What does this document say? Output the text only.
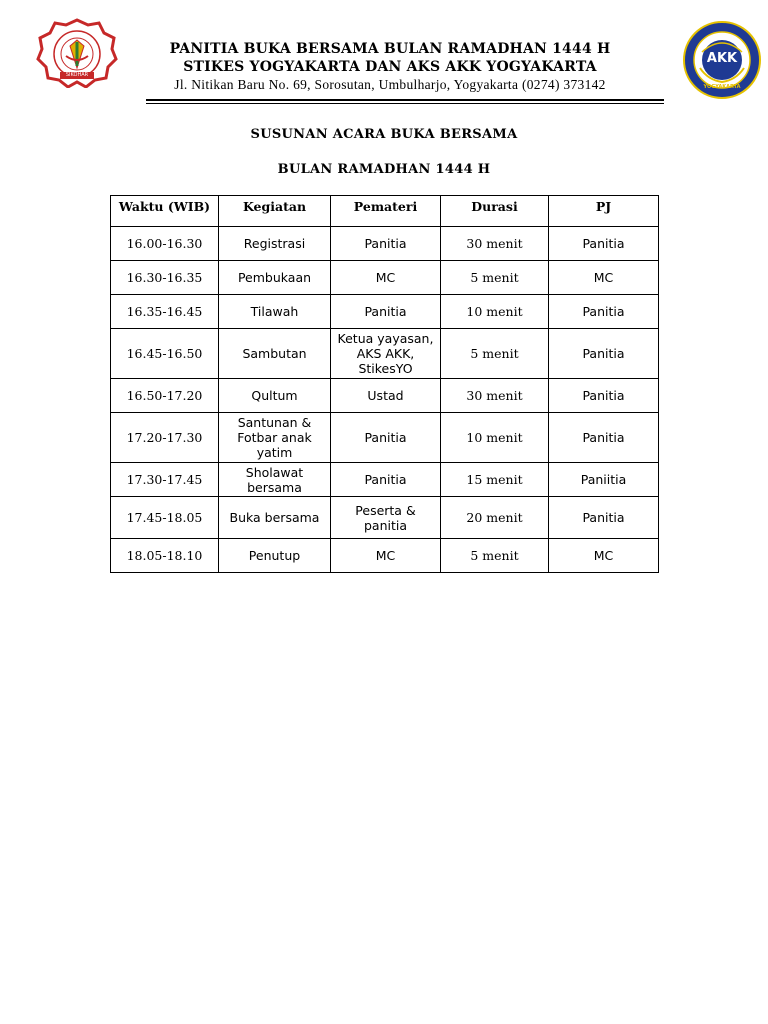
SIKOHAR
AKK
YOGYAKARTA
PANITIA BUKA BERSAMA BULAN RAMADHAN 1444 H
STIKES YOGYAKARTA DAN AKS AKK YOGYAKARTA
Jl. Nitikan Baru No. 69, Sorosutan, Umbulharjo, Yogyakarta (0274) 373142
SUSUNAN ACARA BUKA BERSAMA
BULAN RAMADHAN 1444 H
Waktu (WIB)	Kegiatan	Pemateri	Durasi	PJ
16.00-16.30	Registrasi	Panitia	30 menit	Panitia
16.30-16.35	Pembukaan	MC	5 menit	MC
16.35-16.45	Tilawah	Panitia	10 menit	Panitia
16.45-16.50	Sambutan	Ketua yayasan, AKS AKK, StikesYO	5 menit	Panitia
16.50-17.20	Qultum	Ustad	30 menit	Panitia
17.20-17.30	Santunan & Fotbar anak yatim	Panitia	10 menit	Panitia
17.30-17.45	Sholawat bersama	Panitia	15 menit	Paniitia
17.45-18.05	Buka bersama	Peserta & panitia	20 menit	Panitia
18.05-18.10	Penutup	MC	5 menit	MC
